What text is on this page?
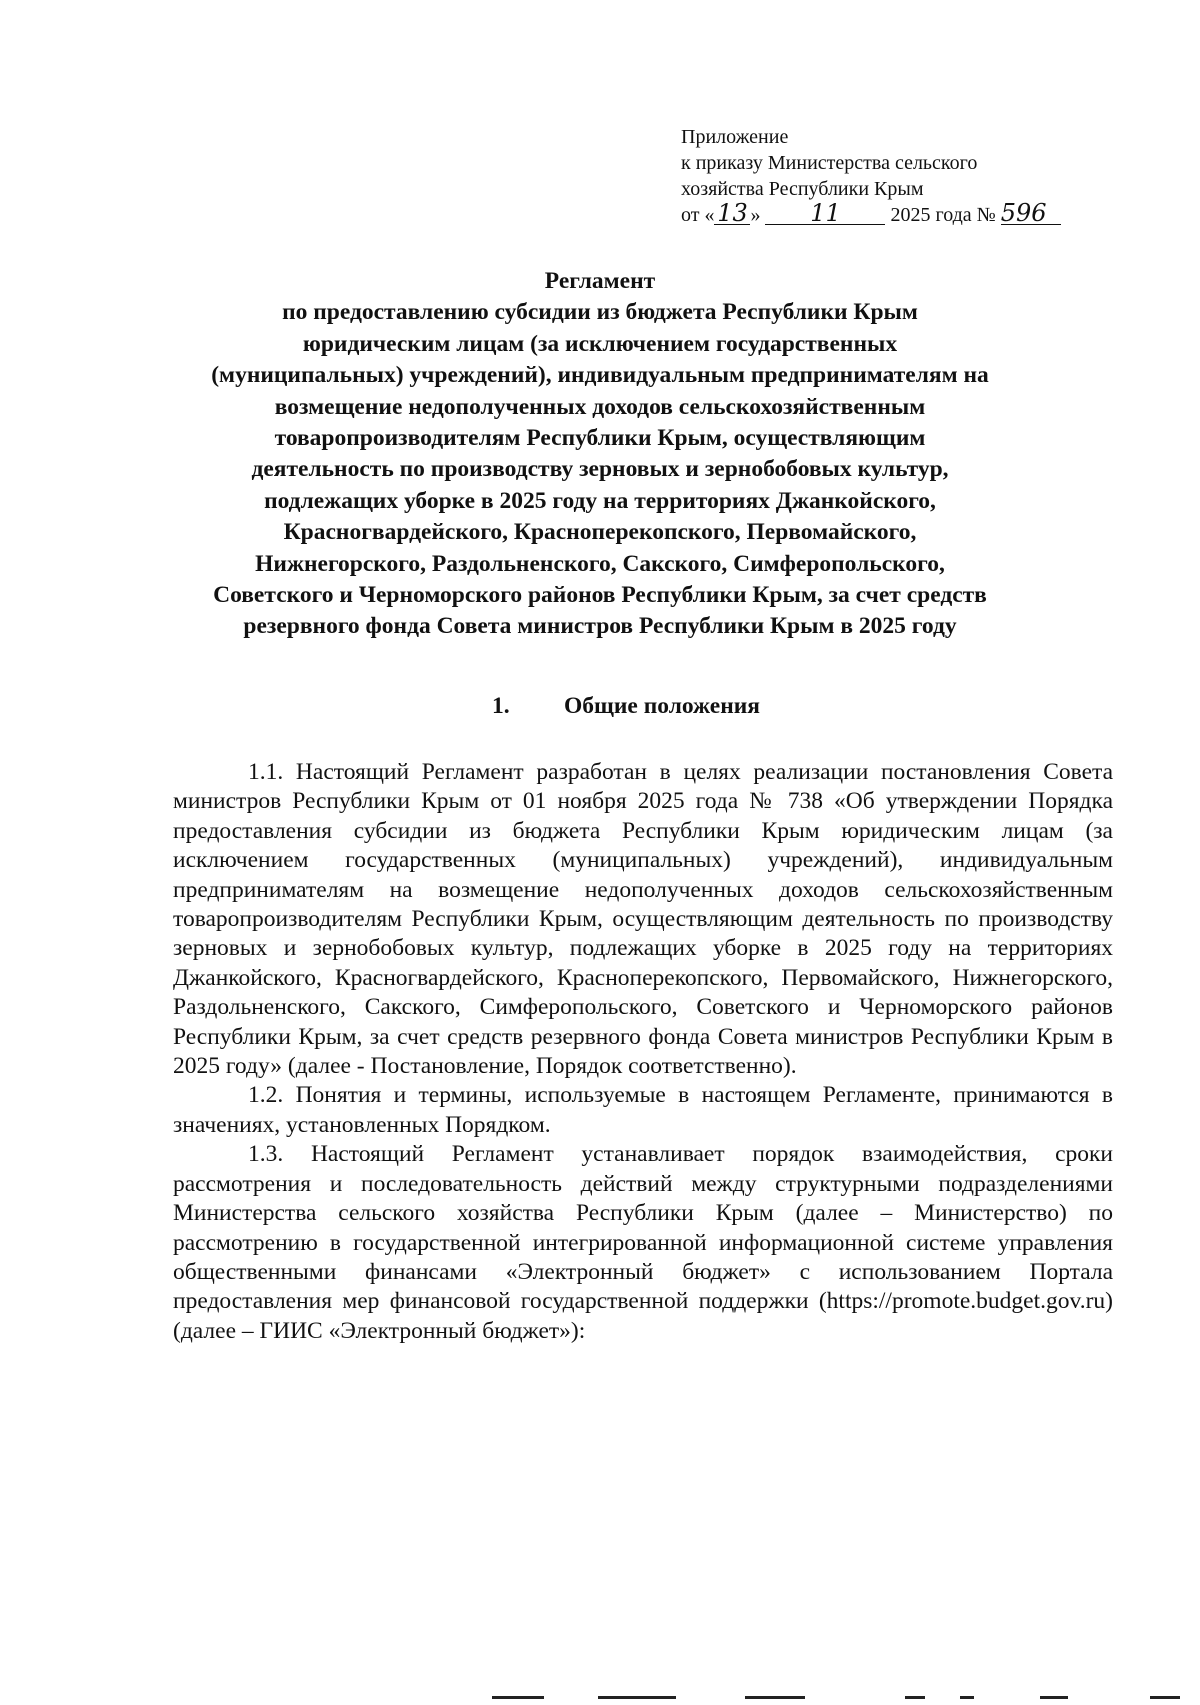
Приложение
к приказу Министерства сельского
хозяйства Республики Крым
от « 13 » 11 2025 года № 596
Регламент
по предоставлению субсидии из бюджета Республики Крым
юридическим лицам (за исключением государственных
(муниципальных) учреждений), индивидуальным предпринимателям на
возмещение недополученных доходов сельскохозяйственным
товаропроизводителям Республики Крым, осуществляющим
деятельность по производству зерновых и зернобобовых культур,
подлежащих уборке в 2025 году на территориях Джанкойского,
Красногвардейского, Красноперекопского, Первомайского,
Нижнегорского, Раздольненского, Сакского, Симферопольского,
Советского и Черноморского районов Республики Крым, за счет средств
резервного фонда Совета министров Республики Крым в 2025 году
1. Общие положения

1.1. Настоящий Регламент разработан в целях реализации постановления Совета министров Республики Крым от 01 ноября 2025 года № 738 «Об утверждении Порядка предоставления субсидии из бюджета Республики Крым юридическим лицам (за исключением государственных (муниципальных) учреждений), индивидуальным предпринимателям на возмещение недополученных доходов сельскохозяйственным товаропроизводителям Республики Крым, осуществляющим деятельность по производству зерновых и зернобобовых культур, подлежащих уборке в 2025 году на территориях Джанкойского, Красногвардейского, Красноперекопского, Первомайского, Нижнегорского, Раздольненского, Сакского, Симферопольского, Советского и Черноморского районов Республики Крым, за счет средств резервного фонда Совета министров Республики Крым в 2025 году» (далее - Постановление, Порядок соответственно).

1.2. Понятия и термины, используемые в настоящем Регламенте, принимаются в значениях, установленных Порядком.

1.3. Настоящий Регламент устанавливает порядок взаимодействия, сроки рассмотрения и последовательность действий между структурными подразделениями Министерства сельского хозяйства Республики Крым (далее – Министерство) по рассмотрению в государственной интегрированной информационной системе управления общественными финансами «Электронный бюджет» с использованием Портала предоставления мер финансовой государственной поддержки (https://promote.budget.gov.ru) (далее – ГИИС «Электронный бюджет»):
